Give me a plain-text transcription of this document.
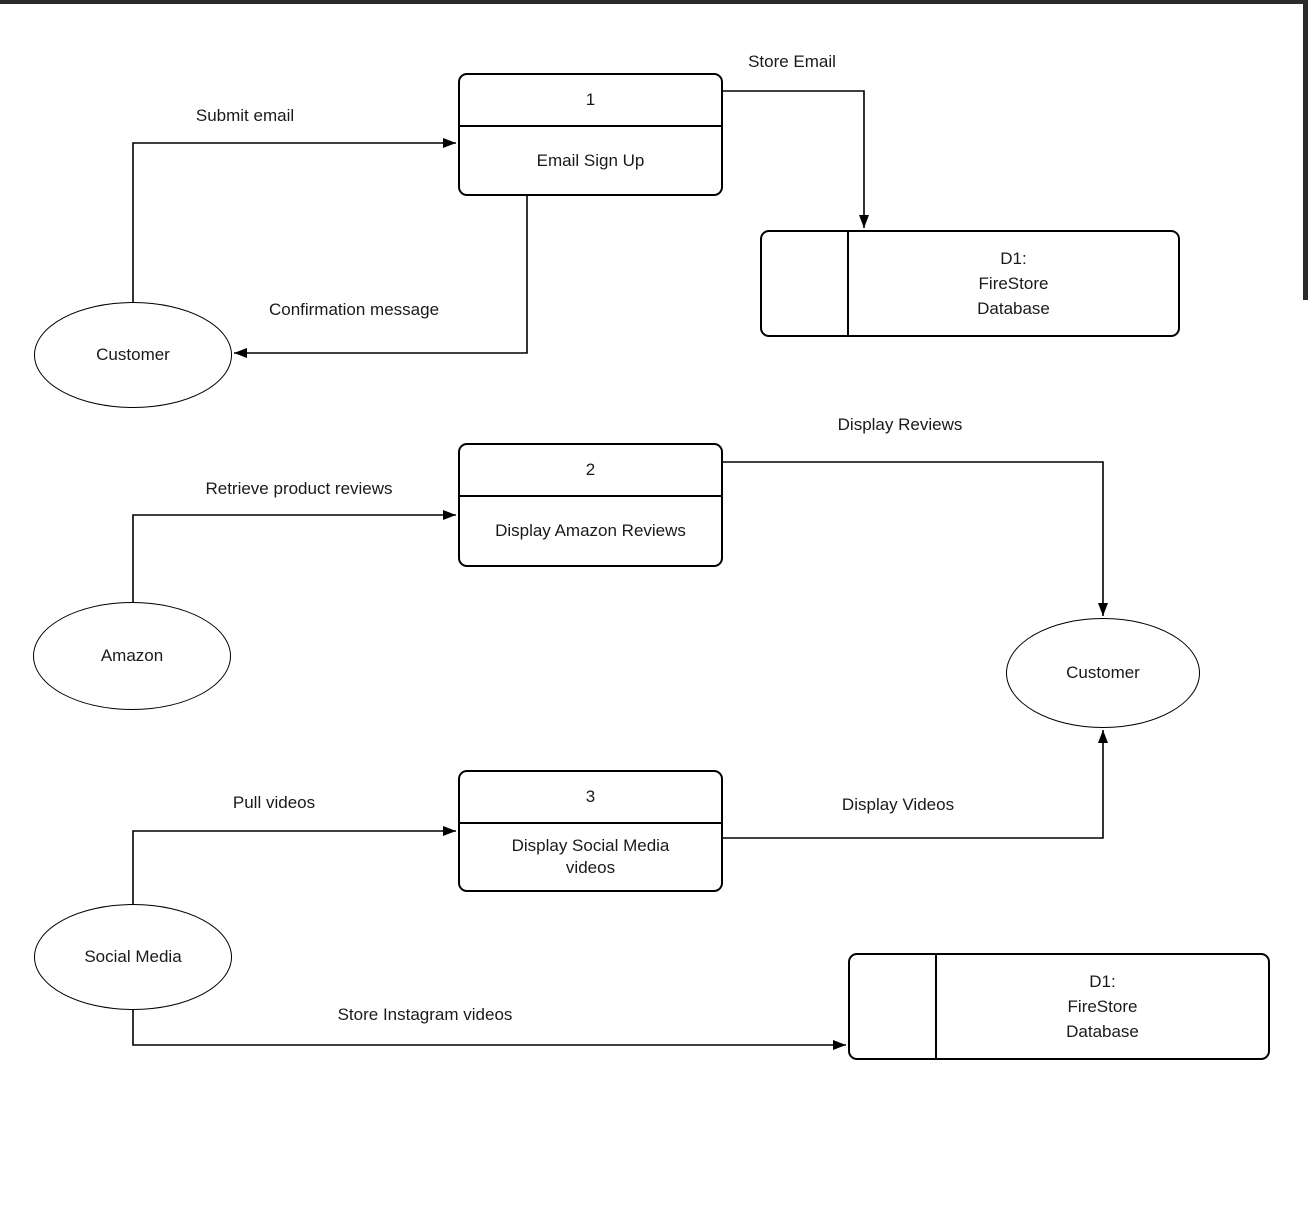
1
Email Sign Up
2
Display Amazon Reviews
3
Display Social Media videos
Customer
Amazon
Social Media
Customer
D1:
FireStore
Database
D1:
FireStore
Database
Submit email
Store Email
Confirmation message
Retrieve product reviews
Display Reviews
Pull videos	Display Videos
Store Instagram videos
